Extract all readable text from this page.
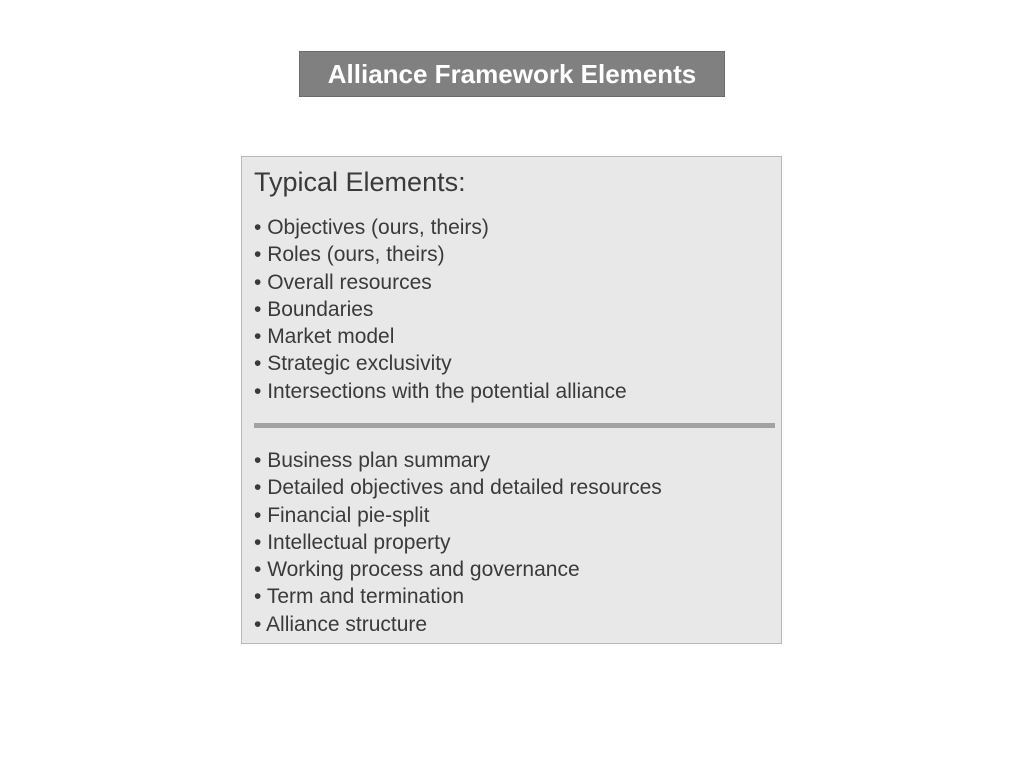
Alliance Framework Elements
Typical Elements:
• Objectives (ours, theirs)
• Roles (ours, theirs)
• Overall resources
• Boundaries
• Market model
• Strategic exclusivity
• Intersections with the potential alliance
• Business plan summary
• Detailed objectives and detailed resources
• Financial pie-split
• Intellectual property
• Working process and governance
• Term and termination
• Alliance structure
